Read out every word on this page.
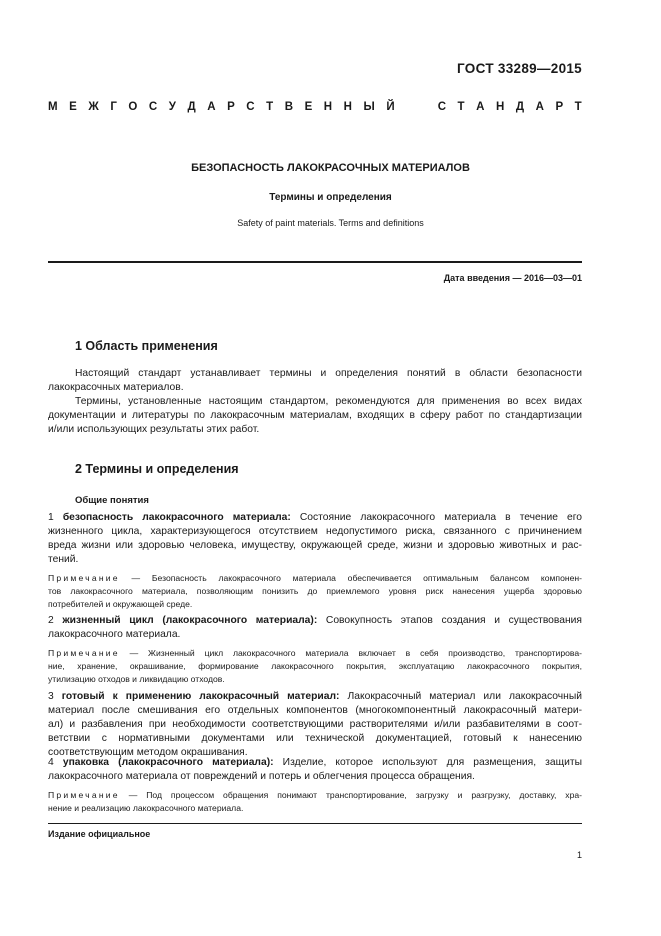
ГОСТ 33289—2015
М Е Ж Г О С У Д А Р С Т В Е Н Н Ы Й	С Т А Н Д А Р Т
БЕЗОПАСНОСТЬ ЛАКОКРАСОЧНЫХ МАТЕРИАЛОВ
Термины и определения
Safety of paint materials. Terms and definitions
Дата введения — 2016—03—01
1 Область применения
Настоящий стандарт устанавливает термины и определения понятий в области безопасности
лакокрасочных материалов.
Термины, установленные настоящим стандартом, рекомендуются для применения во всех видах
документации и литературы по лакокрасочным материалам, входящих в сферу работ по стандартизации
и/или использующих результаты этих работ.
2 Термины и определения
Общие понятия
1 безопасность лакокрасочного материала: Состояние лакокрасочного материала в течение его
жизненного цикла, характеризующегося отсутствием недопустимого риска, связанного с причинением
вреда жизни или здоровью человека, имуществу, окружающей среде, жизни и здоровью животных и рас-
тений.
Примечание — Безопасность лакокрасочного материала обеспечивается оптимальным балансом компонен-
тов лакокрасочного материала, позволяющим понизить до приемлемого уровня риск нанесения ущерба здоровью
потребителей и окружающей среде.
2 жизненный цикл (лакокрасочного материала): Совокупность этапов создания и существования
лакокрасочного материала.
Примечание — Жизненный цикл лакокрасочного материала включает в себя производство, транспортирова-
ние, хранение, окрашивание, формирование лакокрасочного покрытия, эксплуатацию лакокрасочного покрытия,
утилизацию отходов и ликвидацию отходов.
3 готовый к применению лакокрасочный материал: Лакокрасочный материал или лакокрасочный
материал после смешивания его отдельных компонентов (многокомпонентный лакокрасочный матери-
ал) и разбавления при необходимости соответствующими растворителями и/или разбавителями в соот-
ветствии с нормативными документами или технической документацией, готовый к нанесению
соответствующим методом окрашивания.
4 упаковка (лакокрасочного материала): Изделие, которое используют для размещения, защиты
лакокрасочного материала от повреждений и потерь и облегчения процесса обращения.
Примечание — Под процессом обращения понимают транспортирование, загрузку и разгрузку, доставку, хра-
нение и реализацию лакокрасочного материала.
Издание официальное
1
